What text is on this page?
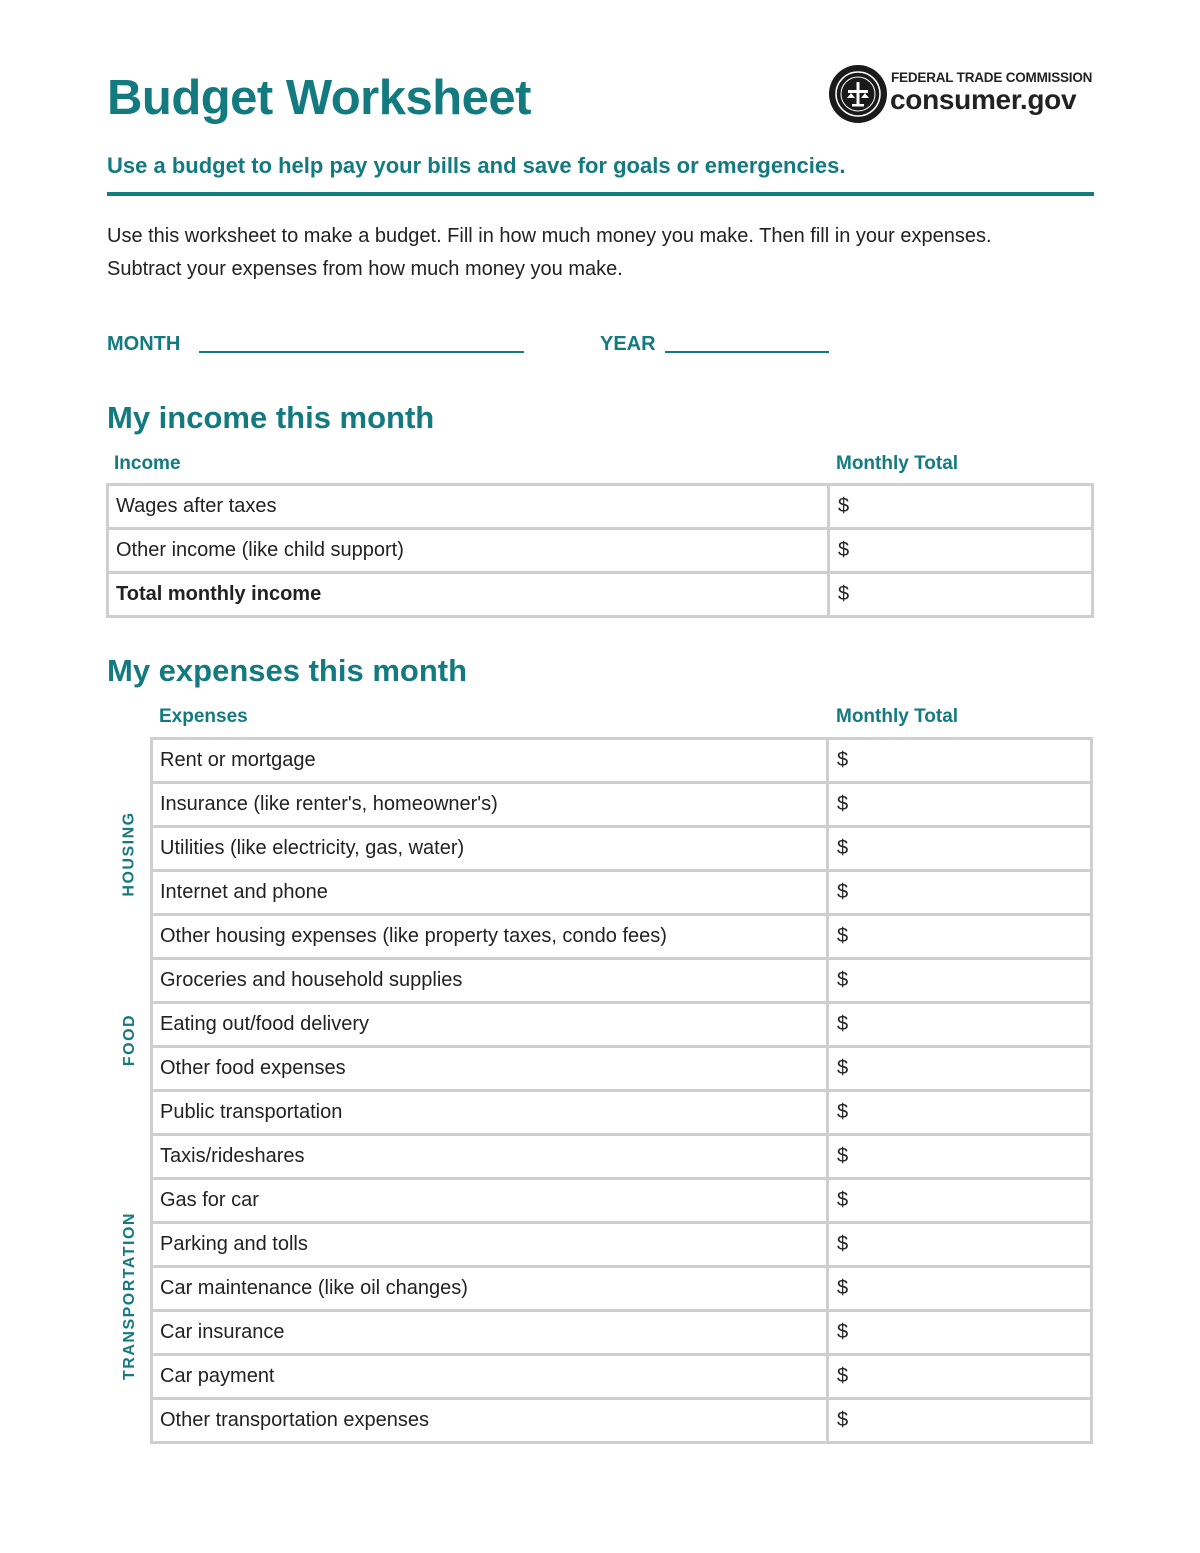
Budget Worksheet	FEDERAL TRADE COMMISSION
consumer.gov
Use a budget to help pay your bills and save for goals or emergencies.

Use this worksheet to make a budget. Fill in how much money you make. Then fill in your expenses. Subtract your expenses from how much money you make.

MONTH	YEAR
My income this month
Income	Monthly Total
Wages after taxes	$
Other income (like child support)	$
Total monthly income	$
My expenses this month
Expenses	Monthly Total
Rent or mortgage	$
Insurance (like renter's, homeowner's)	$
Utilities (like electricity, gas, water)	$
Internet and phone	$
Other housing expenses (like property taxes, condo fees)	$
Groceries and household supplies	$
Eating out/food delivery	$
Other food expenses	$
Public transportation	$
Taxis/rideshares	$
Gas for car	$
Parking and tolls	$
Car maintenance (like oil changes)	$
Car insurance	$
Car payment	$
Other transportation expenses	$
HOUSING
FOOD
TRANSPORTATION
